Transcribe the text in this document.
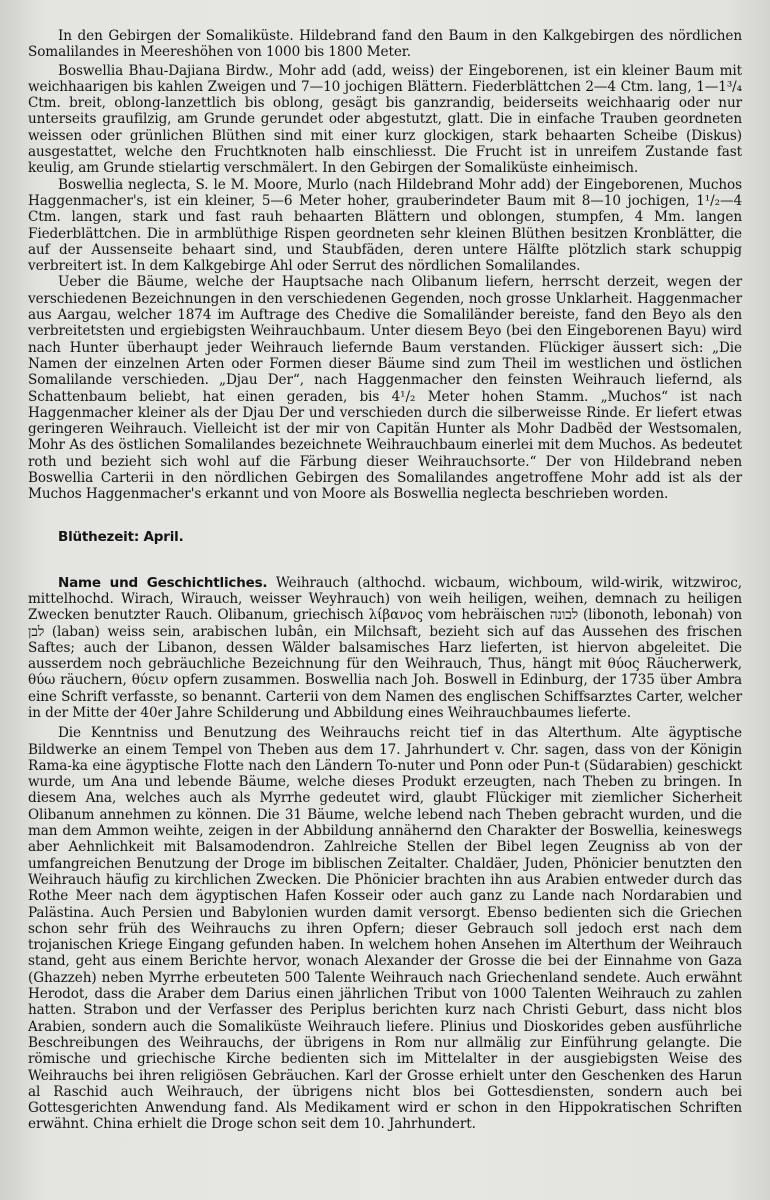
In den Gebirgen der Somaliküste. Hildebrand fand den Baum in den Kalkgebirgen des nördlichen Somalilandes in Meereshöhen von 1000 bis 1800 Meter.

Boswellia Bhau-Dajiana Birdw., Mohr add (add, weiss) der Eingeborenen, ist ein kleiner Baum mit weichhaarigen bis kahlen Zweigen und 7—10 jochigen Blättern. Fiederblättchen 2—4 Ctm. lang, 1—1³/₄ Ctm. breit, oblong-lanzettlich bis oblong, gesägt bis ganzrandig, beiderseits weichhaarig oder nur unterseits graufilzig, am Grunde gerundet oder abgestutzt, glatt. Die in einfache Trauben geordneten weissen oder grünlichen Blüthen sind mit einer kurz glockigen, stark behaarten Scheibe (Diskus) ausgestattet, welche den Fruchtknoten halb einschliesst. Die Frucht ist in unreifem Zustande fast keulig, am Grunde stielartig verschmälert. In den Gebirgen der Somaliküste einheimisch.

Boswellia neglecta, S. le M. Moore, Murlo (nach Hildebrand Mohr add) der Eingeborenen, Muchos Haggenmacher's, ist ein kleiner, 5—6 Meter hoher, grauberindeter Baum mit 8—10 jochigen, 1¹/₂—4 Ctm. langen, stark und fast rauh behaarten Blättern und oblongen, stumpfen, 4 Mm. langen Fiederblättchen. Die in armblüthige Rispen geordneten sehr kleinen Blüthen besitzen Kronblätter, die auf der Aussenseite behaart sind, und Staubfäden, deren untere Hälfte plötzlich stark schuppig verbreitert ist. In dem Kalkgebirge Ahl oder Serrut des nördlichen Somalilandes.

Ueber die Bäume, welche der Hauptsache nach Olibanum liefern, herrscht derzeit, wegen der verschiedenen Bezeichnungen in den verschiedenen Gegenden, noch grosse Unklarheit. Haggenmacher aus Aargau, welcher 1874 im Auftrage des Chedive die Somaliländer bereiste, fand den Beyo als den verbreitetsten und ergiebigsten Weihrauchbaum. Unter diesem Beyo (bei den Eingeborenen Bayu) wird nach Hunter überhaupt jeder Weihrauch liefernde Baum verstanden. Flückiger äussert sich: „Die Namen der einzelnen Arten oder Formen dieser Bäume sind zum Theil im westlichen und östlichen Somalilande verschieden. „Djau Der“, nach Haggenmacher den feinsten Weihrauch liefernd, als Schattenbaum beliebt, hat einen geraden, bis 4¹/₂ Meter hohen Stamm. „Muchos“ ist nach Haggenmacher kleiner als der Djau Der und verschieden durch die silberweisse Rinde. Er liefert etwas geringeren Weihrauch. Vielleicht ist der mir von Capitän Hunter als Mohr Dadbëd der Westsomalen, Mohr As des östlichen Somalilandes bezeichnete Weihrauchbaum einerlei mit dem Muchos. As bedeutet roth und bezieht sich wohl auf die Färbung dieser Weihrauchsorte.“ Der von Hildebrand neben Boswellia Carterii in den nördlichen Gebirgen des Somalilandes angetroffene Mohr add ist als der Muchos Haggenmacher's erkannt und von Moore als Boswellia neglecta beschrieben worden.

Blüthezeit: April.

Name und Geschichtliches. Weihrauch (althochd. wicbaum, wichboum, wild-wirik, witzwiroc, mittelhochd. Wirach, Wirauch, weisser Weyhrauch) von weih heiligen, weihen, demnach zu heiligen Zwecken benutzter Rauch. Olibanum, griechisch λίβανος vom hebräischen לבונה (libonoth, lebonah) von לבן (laban) weiss sein, arabischen lubân, ein Milchsaft, bezieht sich auf das Aussehen des frischen Saftes; auch der Libanon, dessen Wälder balsamisches Harz lieferten, ist hiervon abgeleitet. Die ausserdem noch gebräuchliche Bezeichnung für den Weihrauch, Thus, hängt mit θύος Räucherwerk, θύω räuchern, θύειν opfern zusammen. Boswellia nach Joh. Boswell in Edinburg, der 1735 über Ambra eine Schrift verfasste, so benannt. Carterii von dem Namen des englischen Schiffsarztes Carter, welcher in der Mitte der 40er Jahre Schilderung und Abbildung eines Weihrauchbaumes lieferte.

Die Kenntniss und Benutzung des Weihrauchs reicht tief in das Alterthum. Alte ägyptische Bildwerke an einem Tempel von Theben aus dem 17. Jahrhundert v. Chr. sagen, dass von der Königin Rama-ka eine ägyptische Flotte nach den Ländern To-nuter und Ponn oder Pun-t (Südarabien) geschickt wurde, um Ana und lebende Bäume, welche dieses Produkt erzeugten, nach Theben zu bringen. In diesem Ana, welches auch als Myrrhe gedeutet wird, glaubt Flückiger mit ziemlicher Sicherheit Olibanum annehmen zu können. Die 31 Bäume, welche lebend nach Theben gebracht wurden, und die man dem Ammon weihte, zeigen in der Abbildung annähernd den Charakter der Boswellia, keineswegs aber Aehnlichkeit mit Balsamodendron. Zahlreiche Stellen der Bibel legen Zeugniss ab von der umfangreichen Benutzung der Droge im biblischen Zeitalter. Chaldäer, Juden, Phönicier benutzten den Weihrauch häufig zu kirchlichen Zwecken. Die Phönicier brachten ihn aus Arabien entweder durch das Rothe Meer nach dem ägyptischen Hafen Kosseir oder auch ganz zu Lande nach Nordarabien und Palästina. Auch Persien und Babylonien wurden damit versorgt. Ebenso bedienten sich die Griechen schon sehr früh des Weihrauchs zu ihren Opfern; dieser Gebrauch soll jedoch erst nach dem trojanischen Kriege Eingang gefunden haben. In welchem hohen Ansehen im Alterthum der Weihrauch stand, geht aus einem Berichte hervor, wonach Alexander der Grosse die bei der Einnahme von Gaza (Ghazzeh) neben Myrrhe erbeuteten 500 Talente Weihrauch nach Griechenland sendete. Auch erwähnt Herodot, dass die Araber dem Darius einen jährlichen Tribut von 1000 Talenten Weihrauch zu zahlen hatten. Strabon und der Verfasser des Periplus berichten kurz nach Christi Geburt, dass nicht blos Arabien, sondern auch die Somaliküste Weihrauch liefere. Plinius und Dioskorides geben ausführliche Beschreibungen des Weihrauchs, der übrigens in Rom nur allmälig zur Einführung gelangte. Die römische und griechische Kirche bedienten sich im Mittelalter in der ausgiebigsten Weise des Weihrauchs bei ihren religiösen Gebräuchen. Karl der Grosse erhielt unter den Geschenken des Harun al Raschid auch Weihrauch, der übrigens nicht blos bei Gottesdiensten, sondern auch bei Gottesgerichten Anwendung fand. Als Medikament wird er schon in den Hippokratischen Schriften erwähnt. China erhielt die Droge schon seit dem 10. Jahrhundert.
